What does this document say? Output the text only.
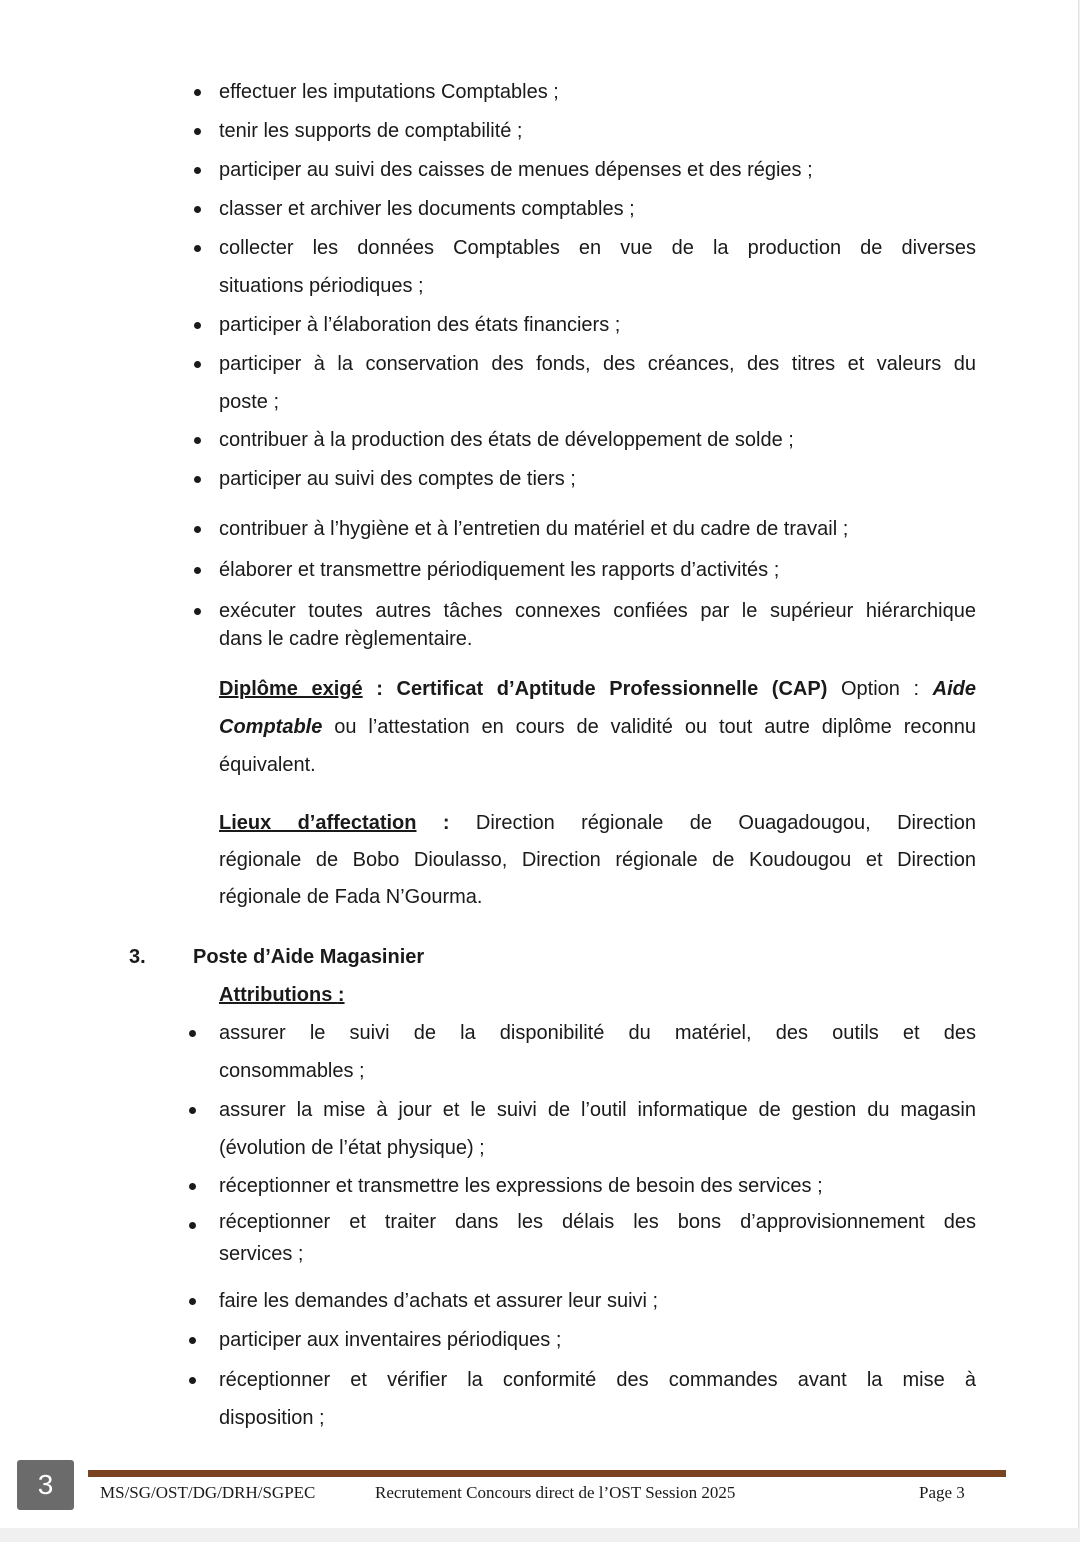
effectuer les imputations Comptables ;
tenir les supports de comptabilité ;
participer au suivi des caisses de menues dépenses et des régies ;
classer et archiver les documents comptables ;
collecter les données Comptables en vue de la production de diverses
situations périodiques ;
participer à l’élaboration des états financiers ;
participer à la conservation des fonds, des créances, des titres et valeurs du
poste ;
contribuer à la production des états de développement de solde ;
participer au suivi des comptes de tiers ;
contribuer à l’hygiène et à l’entretien du matériel et du cadre de travail ;
élaborer et transmettre périodiquement les rapports d’activités ;
exécuter toutes autres tâches connexes confiées par le supérieur hiérarchique
dans le cadre règlementaire.
Diplôme exigé : Certificat d’Aptitude Professionnelle (CAP) Option : Aide
Comptable ou l’attestation en cours de validité ou tout autre diplôme reconnu
équivalent.
Lieux d’affectation : Direction régionale de Ouagadougou, Direction
régionale de Bobo Dioulasso, Direction régionale de Koudougou et Direction
régionale de Fada N’Gourma.
3. Poste d’Aide Magasinier
Attributions :
assurer le suivi de la disponibilité du matériel, des outils et des
consommables ;
assurer la mise à jour et le suivi de l’outil informatique de gestion du magasin
(évolution de l’état physique) ;
réceptionner et transmettre les expressions de besoin des services ;
réceptionner et traiter dans les délais les bons d’approvisionnement des
services ;
faire les demandes d’achats et assurer leur suivi ;
participer aux inventaires périodiques ;
réceptionner et vérifier la conformité des commandes avant la mise à
disposition ;
3	MS/SG/OST/DG/DRH/SGPEC	Recrutement Concours direct de l’OST Session 2025	Page 3
